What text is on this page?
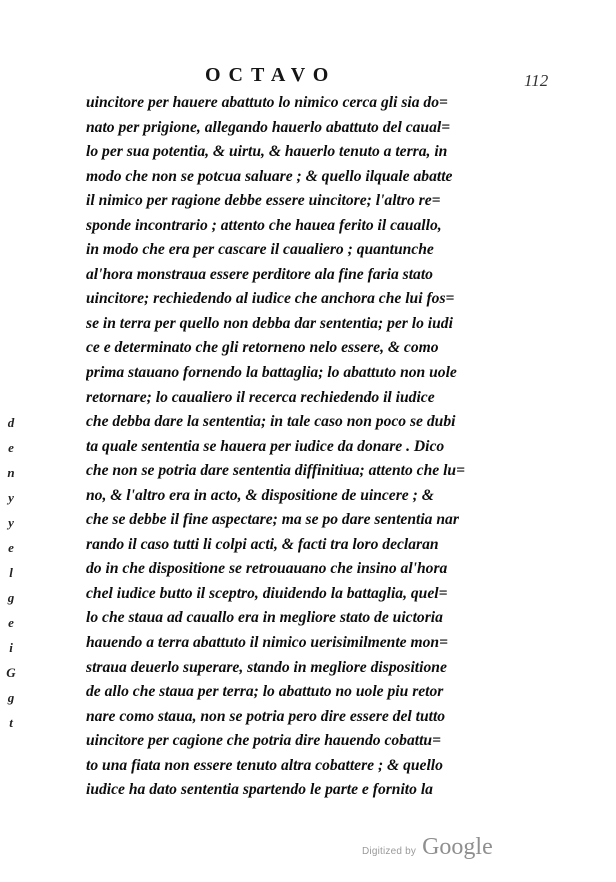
OCTAVO	112
uincitore per hauere abattuto lo nimico cerca gli sia do=
nato per prigione, allegando hauerlo abattuto del caual=
lo per sua potentia, & uirtu, & hauerlo tenuto a terra, in
modo che non se potcua saluare ; & quello ilquale abatte
il nimico per ragione debbe essere uincitore; l'altro re=
sponde incontrario ; attento che hauea ferito il cauallo,
in modo che era per cascare il caualiero ; quantunche
al'hora monstraua essere perditore ala fine faria stato
uincitore; rechiedendo al iudice che anchora che lui fos=
se in terra per quello non debba dar sententia; per lo iudi
ce e determinato che gli retorneno nelo essere, & como
prima stauano fornendo la battaglia; lo abattuto non uole
retornare; lo caualiero il recerca rechiedendo il iudice
che debba dare la sententia; in tale caso non poco se dubi
ta quale sententia se hauera per iudice da donare . Dico
che non se potria dare sententia diffinitiua; attento che lu=
no, & l'altro era in acto, & dispositione de uincere ; &
che se debbe il fine aspectare; ma se po dare sententia nar
rando il caso tutti li colpi acti, & facti tra loro declaran
do in che dispositione se retrouauano che insino al'hora
chel iudice butto il sceptro, diuidendo la battaglia, quel=
lo che staua ad cauallo era in megliore stato de uictoria
hauendo a terra abattuto il nimico uerisimilmente mon=
straua deuerlo superare, stando in megliore dispositione
de allo che staua per terra; lo abattuto no uole piu retor
nare como staua, non se potria pero dire essere del tutto
uincitore per cagione che potria dire hauendo cobattu=
to una fiata non essere tenuto altra cobattere ; & quello
iudice ha dato sententia spartendo le parte e fornito la
d
e
n
y
y
e
l
g
e
i
G
g
t
Digitized by Google
